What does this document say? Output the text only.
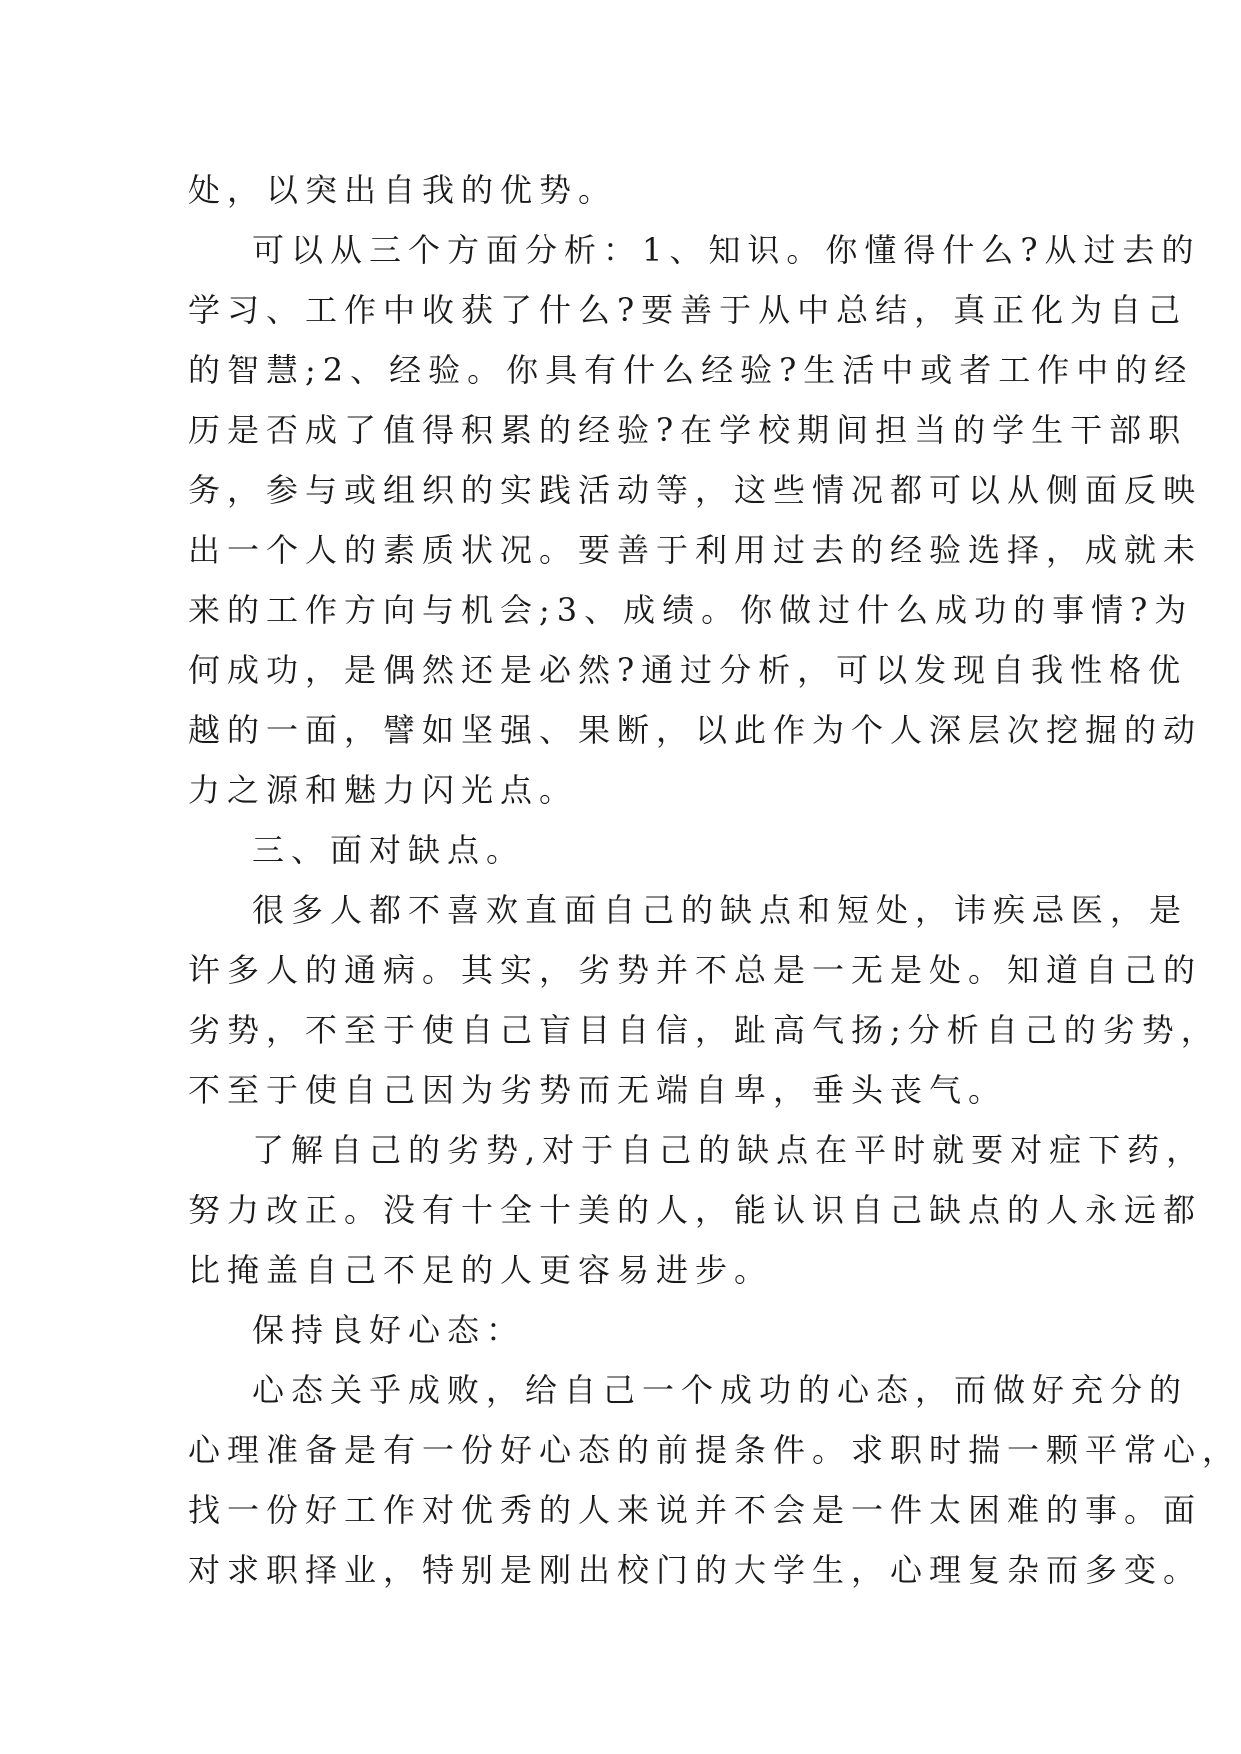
处，以突出自我的优势。
可以从三个方面分析：1、知识。你懂得什么?从过去的
学习、工作中收获了什么?要善于从中总结，真正化为自己
的智慧;2、经验。你具有什么经验?生活中或者工作中的经
历是否成了值得积累的经验?在学校期间担当的学生干部职
务，参与或组织的实践活动等，这些情况都可以从侧面反映
出一个人的素质状况。要善于利用过去的经验选择，成就未
来的工作方向与机会;3、成绩。你做过什么成功的事情?为
何成功，是偶然还是必然?通过分析，可以发现自我性格优
越的一面，譬如坚强、果断，以此作为个人深层次挖掘的动
力之源和魅力闪光点。
三、面对缺点。
很多人都不喜欢直面自己的缺点和短处，讳疾忌医，是
许多人的通病。其实，劣势并不总是一无是处。知道自己的
劣势，不至于使自己盲目自信，趾高气扬;分析自己的劣势，
不至于使自己因为劣势而无端自卑，垂头丧气。
了解自己的劣势,对于自己的缺点在平时就要对症下药，
努力改正。没有十全十美的人，能认识自己缺点的人永远都
比掩盖自己不足的人更容易进步。
保持良好心态：
心态关乎成败，给自己一个成功的心态，而做好充分的
心理准备是有一份好心态的前提条件。求职时揣一颗平常心，
找一份好工作对优秀的人来说并不会是一件太困难的事。面
对求职择业，特别是刚出校门的大学生，心理复杂而多变。
